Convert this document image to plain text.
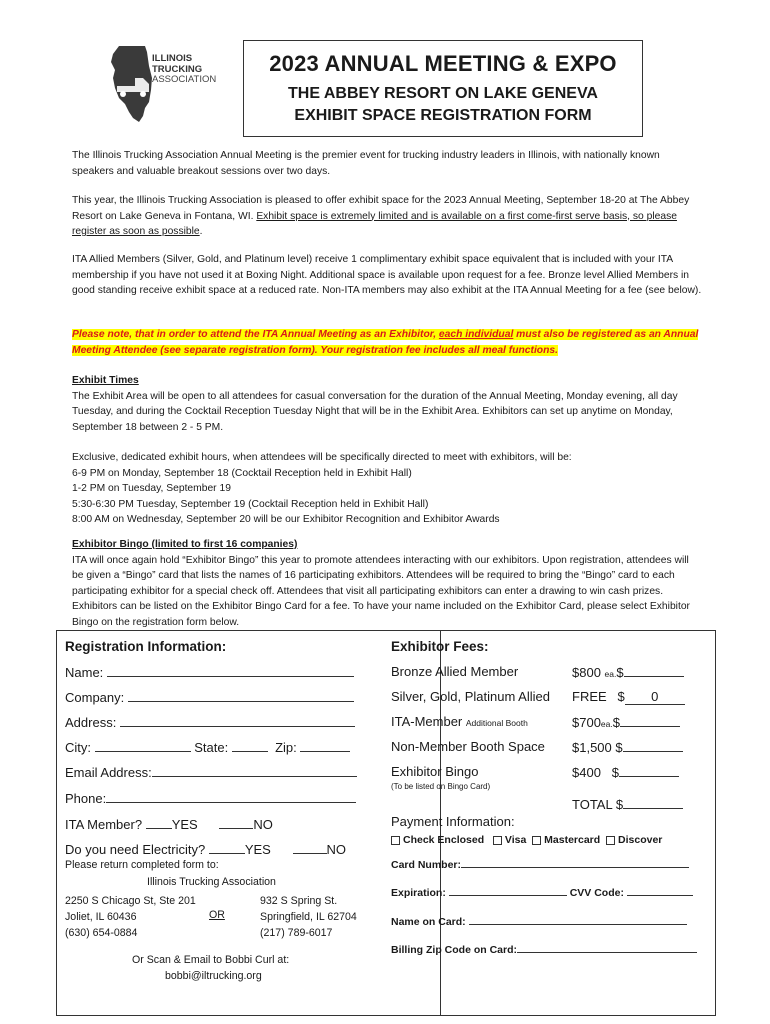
ILLINOIS
TRUCKING
ASSOCIATION
2023 ANNUAL MEETING & EXPO
THE ABBEY RESORT ON LAKE GENEVA
EXHIBIT SPACE REGISTRATION FORM
The Illinois Trucking Association Annual Meeting is the premier event for trucking industry leaders in Illinois, with nationally known speakers and valuable breakout sessions over two days.
This year, the Illinois Trucking Association is pleased to offer exhibit space for the 2023 Annual Meeting, September 18-20 at The Abbey Resort on Lake Geneva in Fontana, WI. Exhibit space is extremely limited and is available on a first come-first serve basis, so please register as soon as possible.
ITA Allied Members (Silver, Gold, and Platinum level) receive 1 complimentary exhibit space equivalent that is included with your ITA membership if you have not used it at Boxing Night. Additional space is available upon request for a fee. Bronze level Allied Members in good standing receive exhibit space at a reduced rate. Non-ITA members may also exhibit at the ITA Annual Meeting for a fee (see below).
Please note, that in order to attend the ITA Annual Meeting as an Exhibitor, each individual must also be registered as an Annual Meeting Attendee (see separate registration form). Your registration fee includes all meal functions.
Exhibit Times
The Exhibit Area will be open to all attendees for casual conversation for the duration of the Annual Meeting, Monday evening, all day Tuesday, and during the Cocktail Reception Tuesday Night that will be in the Exhibit Area. Exhibitors can set up anytime on Monday, September 18 between 2 - 5 PM.
Exclusive, dedicated exhibit hours, when attendees will be specifically directed to meet with exhibitors, will be:
6-9 PM on Monday, September 18 (Cocktail Reception held in Exhibit Hall)
1-2 PM on Tuesday, September 19
5:30-6:30 PM Tuesday, September 19 (Cocktail Reception held in Exhibit Hall)
8:00 AM on Wednesday, September 20 will be our Exhibitor Recognition and Exhibitor Awards
Exhibitor Bingo (limited to first 16 companies)
ITA will once again hold “Exhibitor Bingo” this year to promote attendees interacting with our exhibitors. Upon registration, attendees will be given a “Bingo” card that lists the names of 16 participating exhibitors. Attendees will be required to bring the “Bingo” card to each participating exhibitor for a special check off. Attendees that visit all participating exhibitors can enter a drawing to win cash prizes. Exhibitors can be listed on the Exhibitor Bingo Card for a fee. To have your name included on the Exhibitor Card, please select Exhibitor Bingo on the registration form below.
Registration Information:
Name:
Company:
Address:
City:	State:	Zip:
Email Address:
Phone:
ITA Member? YES	NO
Do you need Electricity?	YES	NO
Please return completed form to:
Illinois Trucking Association
2250 S Chicago St, Ste 201
Joliet, IL 60436
(630) 654-0884
OR
932 S Spring St.
Springfield, IL 62704
(217) 789-6017
Or Scan & Email to Bobbi Curl at:
bobbi@iltrucking.org
Exhibitor Fees:
Bronze Allied Member	$800 ea.$
Silver, Gold, Platinum Allied FREE $ 0
ITA-Member Additional Booth	$700ea.$
Non-Member Booth Space $1,500 $
Exhibitor Bingo	$400 $
(To be listed on Bingo Card)
TOTAL $
Payment Information:
Check Enclosed Visa Mastercard Discover
Card Number:
Expiration:	CVV Code:
Name on Card:
Billing Zip Code on Card:
